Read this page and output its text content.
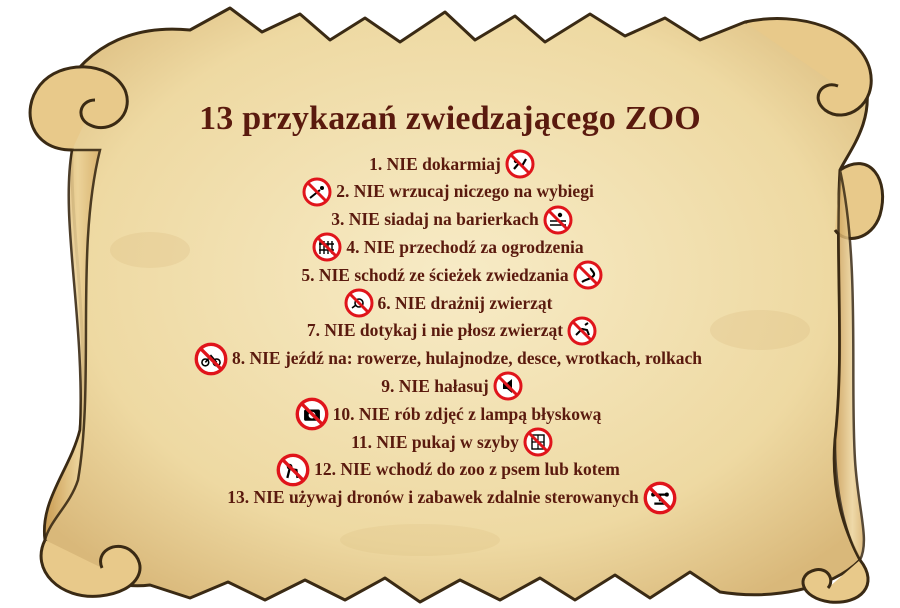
13 przykazań zwiedzającego ZOO
1. NIE dokarmiaj
2. NIE wrzucaj niczego na wybiegi
3. NIE siadaj na barierkach
4. NIE przechodź za ogrodzenia
5. NIE schodź ze ścieżek zwiedzania
6. NIE drażnij zwierząt
7. NIE dotykaj i nie płosz zwierząt
8. NIE jeźdź na: rowerze, hulajnodze, desce, wrotkach, rolkach
9. NIE hałasuj
10. NIE rób zdjęć z lampą błyskową
11. NIE pukaj w szyby
12. NIE wchodź do zoo z psem lub kotem
13. NIE używaj dronów i zabawek zdalnie sterowanych
